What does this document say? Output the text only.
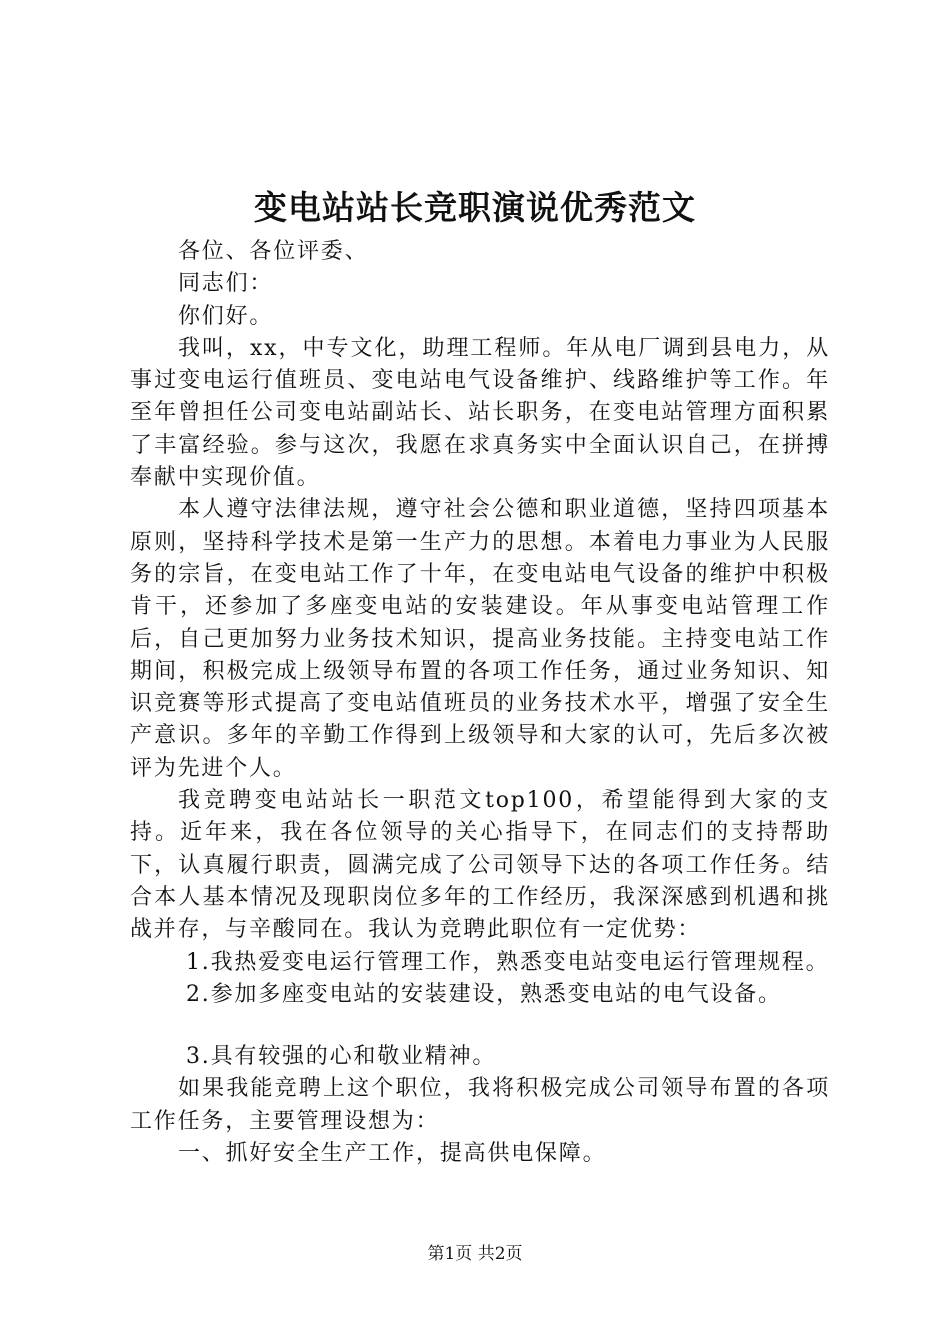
变电站站长竞职演说优秀范文

各位、各位评委、

同志们：

你们好。

我叫，xx，中专文化，助理工程师。年从电厂调到县电力，从事过变电运行值班员、变电站电气设备维护、线路维护等工作。年至年曾担任公司变电站副站长、站长职务，在变电站管理方面积累了丰富经验。参与这次，我愿在求真务实中全面认识自己，在拼搏奉献中实现价值。

本人遵守法律法规，遵守社会公德和职业道德，坚持四项基本原则，坚持科学技术是第一生产力的思想。本着电力事业为人民服务的宗旨，在变电站工作了十年，在变电站电气设备的维护中积极肯干，还参加了多座变电站的安装建设。年从事变电站管理工作后，自己更加努力业务技术知识，提高业务技能。主持变电站工作期间，积极完成上级领导布置的各项工作任务，通过业务知识、知识竞赛等形式提高了变电站值班员的业务技术水平，增强了安全生产意识。多年的辛勤工作得到上级领导和大家的认可，先后多次被评为先进个人。

我竞聘变电站站长一职范文top100，希望能得到大家的支持。近年来，我在各位领导的关心指导下，在同志们的支持帮助下，认真履行职责，圆满完成了公司领导下达的各项工作任务。结合本人基本情况及现职岗位多年的工作经历，我深深感到机遇和挑战并存，与辛酸同在。我认为竞聘此职位有一定优势：

1.我热爱变电运行管理工作，熟悉变电站变电运行管理规程。

2.参加多座变电站的安装建设，熟悉变电站的电气设备。

3.具有较强的心和敬业精神。

如果我能竞聘上这个职位，我将积极完成公司领导布置的各项工作任务，主要管理设想为：

一、抓好安全生产工作，提高供电保障。

第1页 共2页
